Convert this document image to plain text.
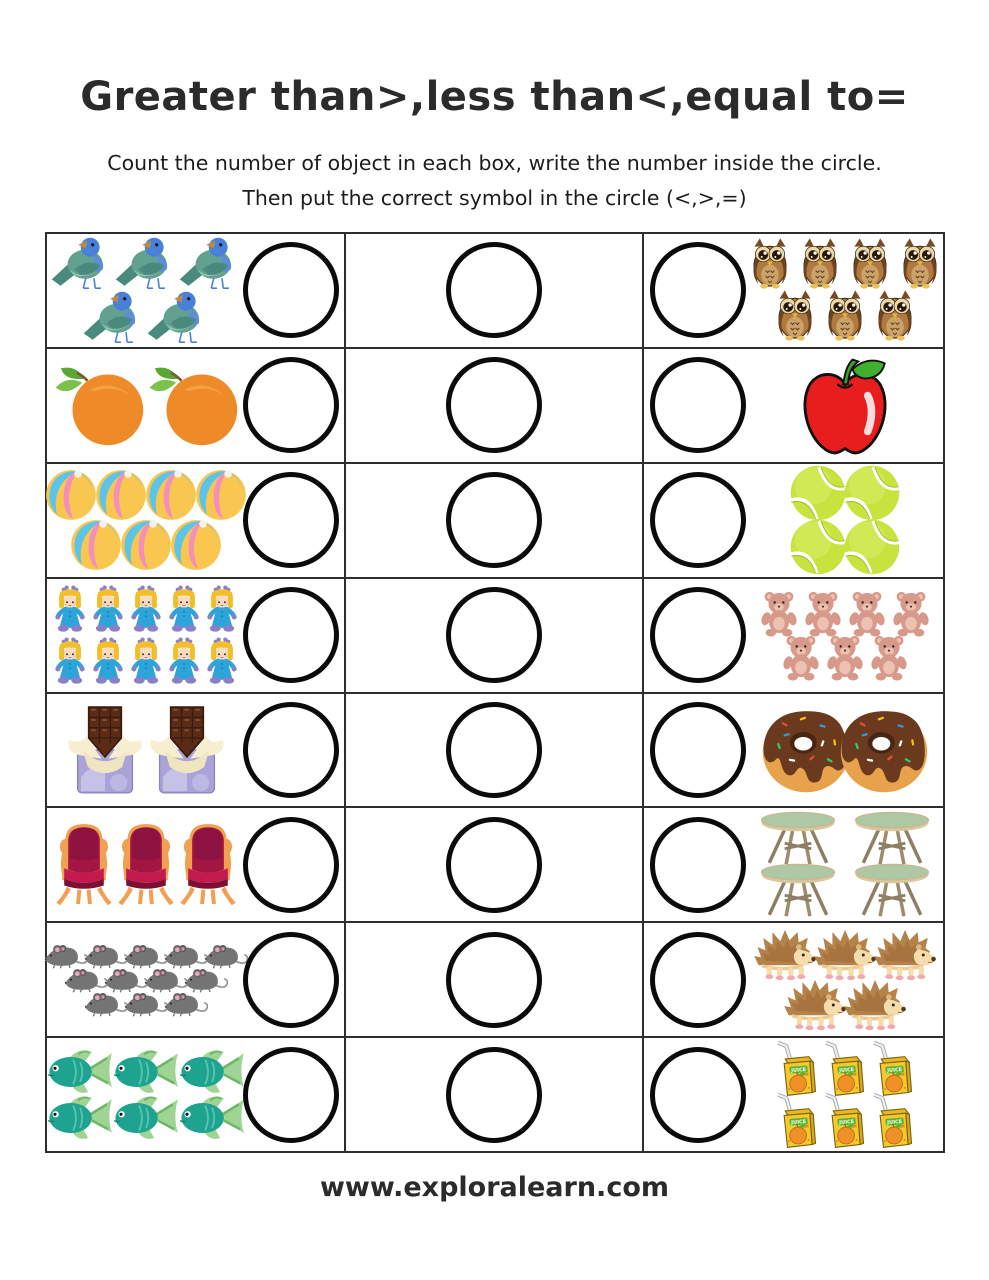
Greater than>,less than<,equal to=
Count the number of object in each box, write the number inside the circle.
Then put the correct symbol in the circle (<,>,=)
www.exploralearn.com
